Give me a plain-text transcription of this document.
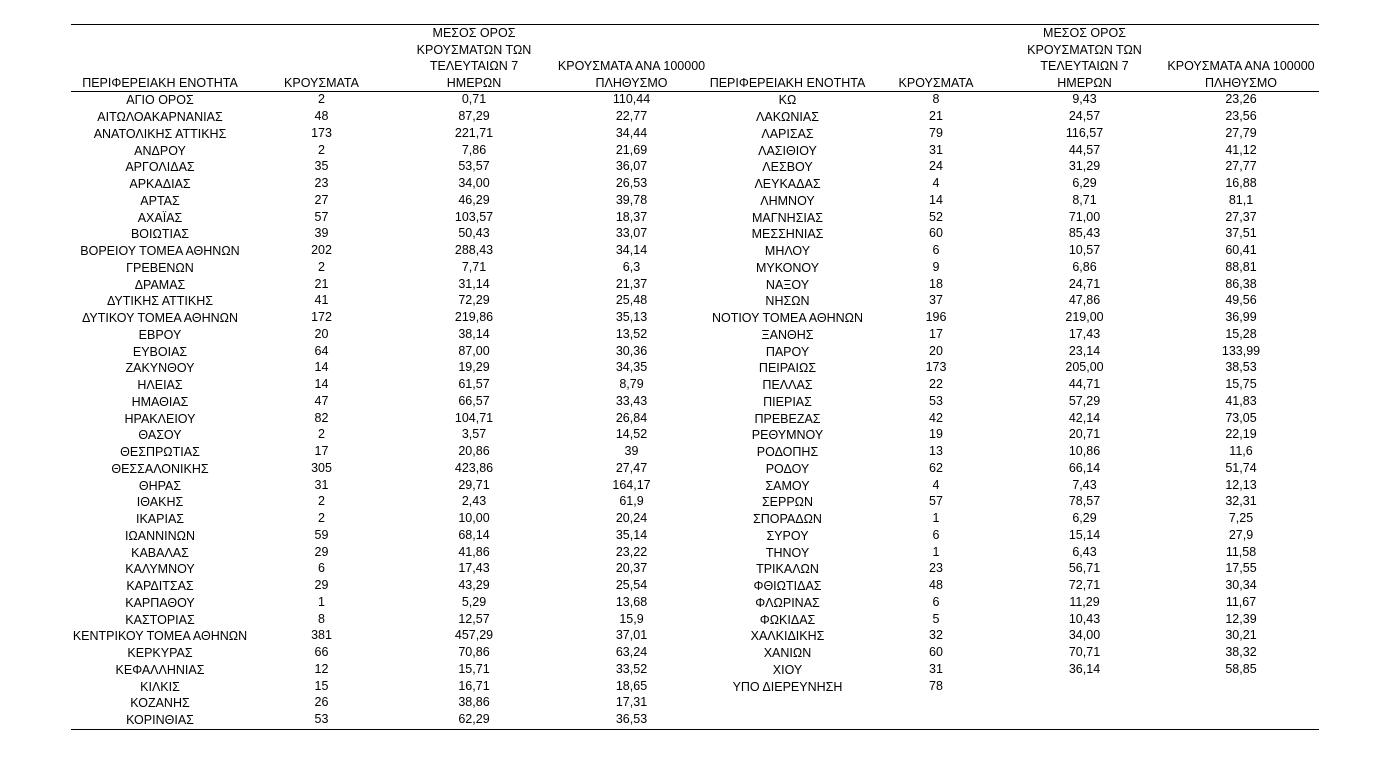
ΠΕΡΙΦΕΡΕΙΑΚΗ ΕΝΟΤΗΤΑ	ΚΡΟΥΣΜΑΤΑ	ΜΕΣΟΣ ΟΡΟΣ ΚΡΟΥΣΜΑΤΩΝ ΤΩΝ ΤΕΛΕΥΤΑΙΩΝ 7 ΗΜΕΡΩΝ	ΚΡΟΥΣΜΑΤΑ ΑΝΑ 100000 ΠΛΗΘΥΣΜΟ	ΠΕΡΙΦΕΡΕΙΑΚΗ ΕΝΟΤΗΤΑ	ΚΡΟΥΣΜΑΤΑ	ΜΕΣΟΣ ΟΡΟΣ ΚΡΟΥΣΜΑΤΩΝ ΤΩΝ ΤΕΛΕΥΤΑΙΩΝ 7 ΗΜΕΡΩΝ	ΚΡΟΥΣΜΑΤΑ ΑΝΑ 100000 ΠΛΗΘΥΣΜΟ
ΑΓΙΟ ΟΡΟΣ	2	0,71	110,44	ΚΩ	8	9,43	23,26
ΑΙΤΩΛΟΑΚΑΡΝΑΝΙΑΣ	48	87,29	22,77	ΛΑΚΩΝΙΑΣ	21	24,57	23,56
ΑΝΑΤΟΛΙΚΗΣ ΑΤΤΙΚΗΣ	173	221,71	34,44	ΛΑΡΙΣΑΣ	79	116,57	27,79
ΑΝΔΡΟΥ	2	7,86	21,69	ΛΑΣΙΘΙΟΥ	31	44,57	41,12
ΑΡΓΟΛΙΔΑΣ	35	53,57	36,07	ΛΕΣΒΟΥ	24	31,29	27,77
ΑΡΚΑΔΙΑΣ	23	34,00	26,53	ΛΕΥΚΑΔΑΣ	4	6,29	16,88
ΑΡΤΑΣ	27	46,29	39,78	ΛΗΜΝΟΥ	14	8,71	81,1
ΑΧΑΪΑΣ	57	103,57	18,37	ΜΑΓΝΗΣΙΑΣ	52	71,00	27,37
ΒΟΙΩΤΙΑΣ	39	50,43	33,07	ΜΕΣΣΗΝΙΑΣ	60	85,43	37,51
ΒΟΡΕΙΟΥ ΤΟΜΕΑ ΑΘΗΝΩΝ	202	288,43	34,14	ΜΗΛΟΥ	6	10,57	60,41
ΓΡΕΒΕΝΩΝ	2	7,71	6,3	ΜΥΚΟΝΟΥ	9	6,86	88,81
ΔΡΑΜΑΣ	21	31,14	21,37	ΝΑΞΟΥ	18	24,71	86,38
ΔΥΤΙΚΗΣ ΑΤΤΙΚΗΣ	41	72,29	25,48	ΝΗΣΩΝ	37	47,86	49,56
ΔΥΤΙΚΟΥ ΤΟΜΕΑ ΑΘΗΝΩΝ	172	219,86	35,13	ΝΟΤΙΟΥ ΤΟΜΕΑ ΑΘΗΝΩΝ	196	219,00	36,99
ΕΒΡΟΥ	20	38,14	13,52	ΞΑΝΘΗΣ	17	17,43	15,28
ΕΥΒΟΙΑΣ	64	87,00	30,36	ΠΑΡΟΥ	20	23,14	133,99
ΖΑΚΥΝΘΟΥ	14	19,29	34,35	ΠΕΙΡΑΙΩΣ	173	205,00	38,53
ΗΛΕΙΑΣ	14	61,57	8,79	ΠΕΛΛΑΣ	22	44,71	15,75
ΗΜΑΘΙΑΣ	47	66,57	33,43	ΠΙΕΡΙΑΣ	53	57,29	41,83
ΗΡΑΚΛΕΙΟΥ	82	104,71	26,84	ΠΡΕΒΕΖΑΣ	42	42,14	73,05
ΘΑΣΟΥ	2	3,57	14,52	ΡΕΘΥΜΝΟΥ	19	20,71	22,19
ΘΕΣΠΡΩΤΙΑΣ	17	20,86	39	ΡΟΔΟΠΗΣ	13	10,86	11,6
ΘΕΣΣΑΛΟΝΙΚΗΣ	305	423,86	27,47	ΡΟΔΟΥ	62	66,14	51,74
ΘΗΡΑΣ	31	29,71	164,17	ΣΑΜΟΥ	4	7,43	12,13
ΙΘΑΚΗΣ	2	2,43	61,9	ΣΕΡΡΩΝ	57	78,57	32,31
ΙΚΑΡΙΑΣ	2	10,00	20,24	ΣΠΟΡΑΔΩΝ	1	6,29	7,25
ΙΩΑΝΝΙΝΩΝ	59	68,14	35,14	ΣΥΡΟΥ	6	15,14	27,9
ΚΑΒΑΛΑΣ	29	41,86	23,22	ΤΗΝΟΥ	1	6,43	11,58
ΚΑΛΥΜΝΟΥ	6	17,43	20,37	ΤΡΙΚΑΛΩΝ	23	56,71	17,55
ΚΑΡΔΙΤΣΑΣ	29	43,29	25,54	ΦΘΙΩΤΙΔΑΣ	48	72,71	30,34
ΚΑΡΠΑΘΟΥ	1	5,29	13,68	ΦΛΩΡΙΝΑΣ	6	11,29	11,67
ΚΑΣΤΟΡΙΑΣ	8	12,57	15,9	ΦΩΚΙΔΑΣ	5	10,43	12,39
ΚΕΝΤΡΙΚΟΥ ΤΟΜΕΑ ΑΘΗΝΩΝ	381	457,29	37,01	ΧΑΛΚΙΔΙΚΗΣ	32	34,00	30,21
ΚΕΡΚΥΡΑΣ	66	70,86	63,24	ΧΑΝΙΩΝ	60	70,71	38,32
ΚΕΦΑΛΛΗΝΙΑΣ	12	15,71	33,52	ΧΙΟΥ	31	36,14	58,85
ΚΙΛΚΙΣ	15	16,71	18,65	ΥΠΟ ΔΙΕΡΕΥΝΗΣΗ	78		
ΚΟΖΑΝΗΣ	26	38,86	17,31				
ΚΟΡΙΝΘΙΑΣ	53	62,29	36,53				
